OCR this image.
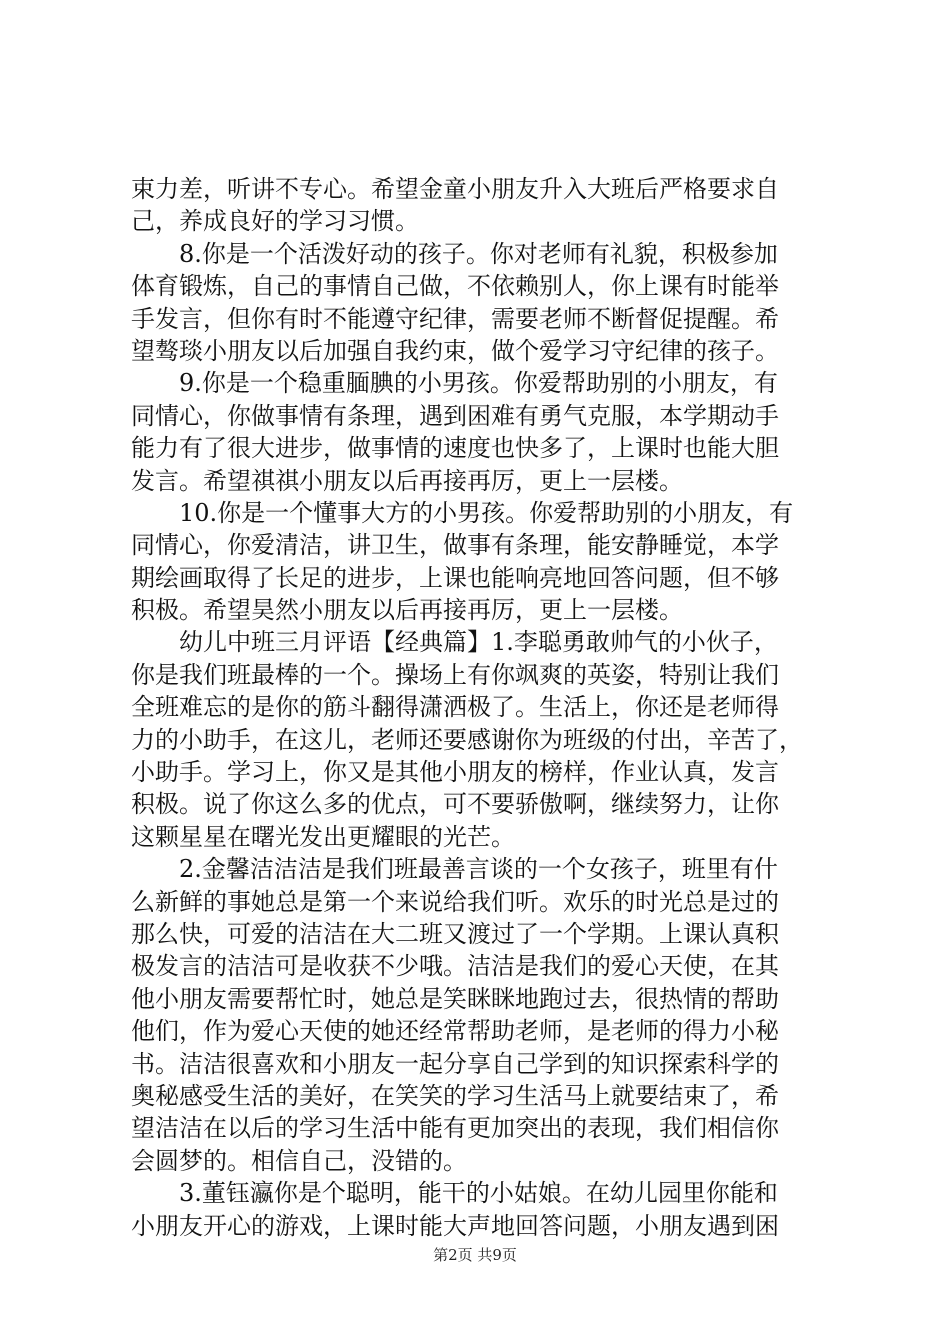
束力差，听讲不专心。希望金童小朋友升入大班后严格要求自
己，养成良好的学习习惯。
8.你是一个活泼好动的孩子。你对老师有礼貌，积极参加
体育锻炼，自己的事情自己做，不依赖别人，你上课有时能举
手发言，但你有时不能遵守纪律，需要老师不断督促提醒。希
望骜琰小朋友以后加强自我约束，做个爱学习守纪律的孩子。
9.你是一个稳重腼腆的小男孩。你爱帮助别的小朋友，有
同情心，你做事情有条理，遇到困难有勇气克服，本学期动手
能力有了很大进步，做事情的速度也快多了，上课时也能大胆
发言。希望祺祺小朋友以后再接再厉，更上一层楼。
10.你是一个懂事大方的小男孩。你爱帮助别的小朋友，有
同情心，你爱清洁，讲卫生，做事有条理，能安静睡觉，本学
期绘画取得了长足的进步，上课也能响亮地回答问题，但不够
积极。希望昊然小朋友以后再接再厉，更上一层楼。
幼儿中班三月评语【经典篇】1.李聪勇敢帅气的小伙子，
你是我们班最棒的一个。操场上有你飒爽的英姿，特别让我们
全班难忘的是你的筋斗翻得潇洒极了。生活上，你还是老师得
力的小助手，在这儿，老师还要感谢你为班级的付出，辛苦了，
小助手。学习上，你又是其他小朋友的榜样，作业认真，发言
积极。说了你这么多的优点，可不要骄傲啊，继续努力，让你
这颗星星在曙光发出更耀眼的光芒。
2.金馨洁洁洁是我们班最善言谈的一个女孩子，班里有什
么新鲜的事她总是第一个来说给我们听。欢乐的时光总是过的
那么快，可爱的洁洁在大二班又渡过了一个学期。上课认真积
极发言的洁洁可是收获不少哦。洁洁是我们的爱心天使，在其
他小朋友需要帮忙时，她总是笑眯眯地跑过去，很热情的帮助
他们，作为爱心天使的她还经常帮助老师，是老师的得力小秘
书。洁洁很喜欢和小朋友一起分享自己学到的知识探索科学的
奥秘感受生活的美好，在笑笑的学习生活马上就要结束了，希
望洁洁在以后的学习生活中能有更加突出的表现，我们相信你
会圆梦的。相信自己，没错的。
3.董钰瀛你是个聪明，能干的小姑娘。在幼儿园里你能和
小朋友开心的游戏，上课时能大声地回答问题，小朋友遇到困
第2页 共9页
